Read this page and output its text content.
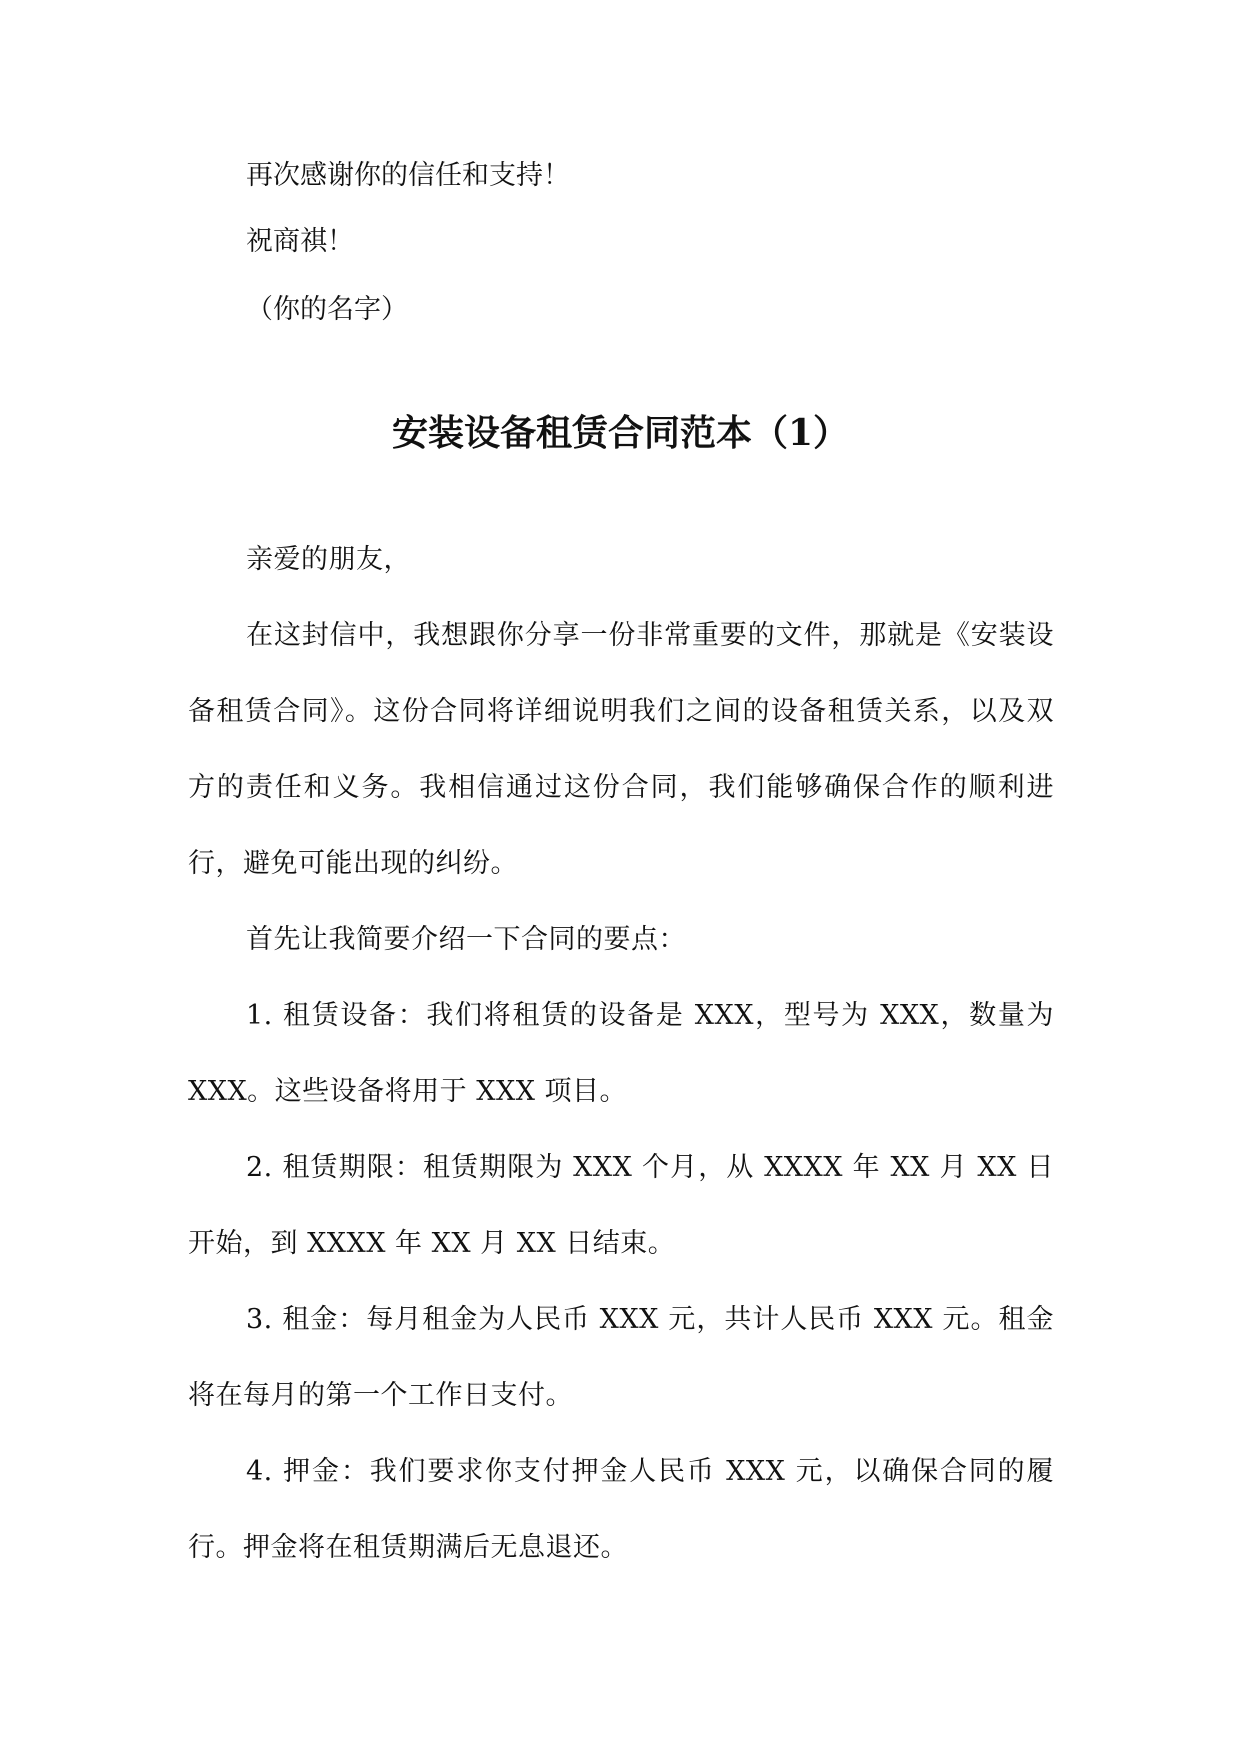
再次感谢你的信任和支持！

祝商祺！

（你的名字）

安装设备租赁合同范本（1）

亲爱的朋友，

在这封信中，我想跟你分享一份非常重要的文件，那就是《安装设备租赁合同》。这份合同将详细说明我们之间的设备租赁关系，以及双方的责任和义务。我相信通过这份合同，我们能够确保合作的顺利进行，避免可能出现的纠纷。

首先让我简要介绍一下合同的要点：

1. 租赁设备：我们将租赁的设备是 XXX，型号为 XXX，数量为 XXX。这些设备将用于 XXX 项目。

2. 租赁期限：租赁期限为 XXX 个月，从 XXXX 年 XX 月 XX 日开始，到 XXXX 年 XX 月 XX 日结束。

3. 租金：每月租金为人民币 XXX 元，共计人民币 XXX 元。租金将在每月的第一个工作日支付。

4. 押金：我们要求你支付押金人民币 XXX 元，以确保合同的履行。押金将在租赁期满后无息退还。
